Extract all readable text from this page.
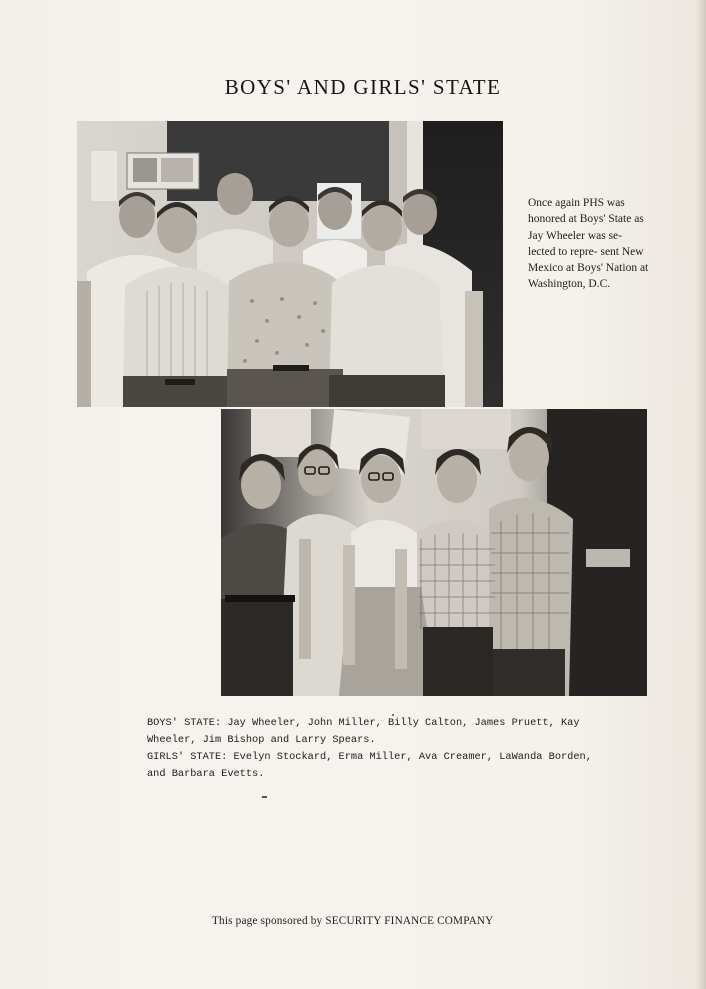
BOYS' AND GIRLS' STATE

Once again PHS was honored at Boys' State as Jay Wheeler was se- lected to repre- sent New Mexico at Boys' Nation at Washington, D.C.

BOYS' STATE: Jay Wheeler, John Miller, Billy Calton, James Pruett, Kay Wheeler, Jim Bishop and Larry Spears.

GIRLS' STATE: Evelyn Stockard, Erma Miller, Ava Creamer, LaWanda Borden, and Barbara Evetts.

This page sponsored by SECURITY FINANCE COMPANY
